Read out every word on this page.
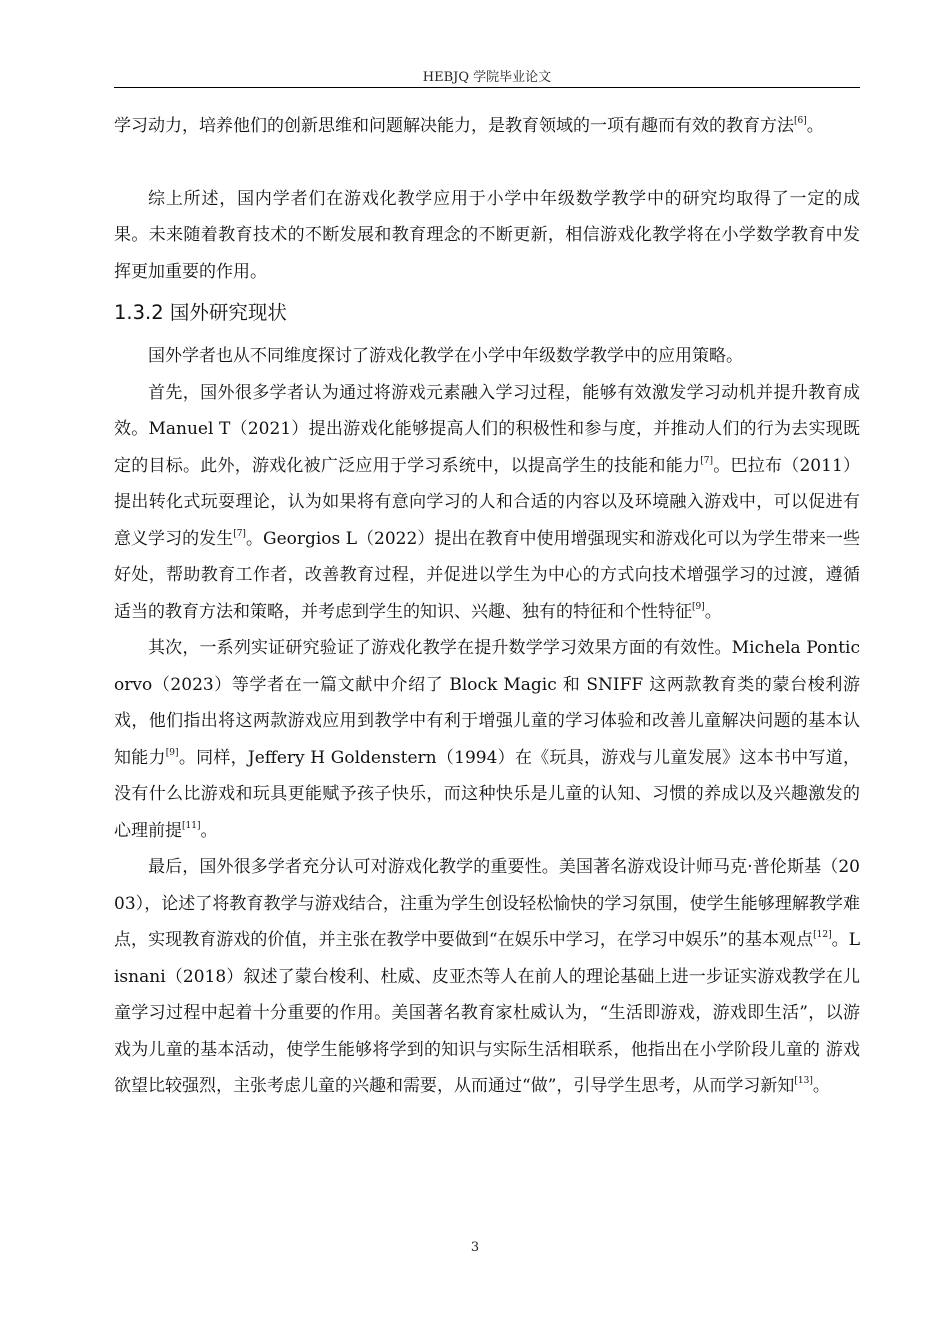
HEBJQ 学院毕业论文

学习动力，培养他们的创新思维和问题解决能力，是教育领域的一项有趣而有效的教育方法[6]。

综上所述，国内学者们在游戏化教学应用于小学中年级数学教学中的研究均取得了一定的成果。未来随着教育技术的不断发展和教育理念的不断更新，相信游戏化教学将在小学数学教育中发挥更加重要的作用。

1.3.2 国外研究现状

国外学者也从不同维度探讨了游戏化教学在小学中年级数学教学中的应用策略。

首先，国外很多学者认为通过将游戏元素融入学习过程，能够有效激发学习动机并提升教育成效。Manuel T（2021）提出游戏化能够提高人们的积极性和参与度，并推动人们的行为去实现既定的目标。此外，游戏化被广泛应用于学习系统中，以提高学生的技能和能力[7]。巴拉布（2011）提出转化式玩耍理论，认为如果将有意向学习的人和合适的内容以及环境融入游戏中，可以促进有意义学习的发生[7]。Georgios L（2022）提出在教育中使用增强现实和游戏化可以为学生带来一些好处，帮助教育工作者，改善教育过程，并促进以学生为中心的方式向技术增强学习的过渡，遵循适当的教育方法和策略，并考虑到学生的知识、兴趣、独有的特征和个性特征[9]。

其次，一系列实证研究验证了游戏化教学在提升数学学习效果方面的有效性。Michela Ponticorvo（2023）等学者在一篇文献中介绍了 Block Magic 和 SNIFF 这两款教育类的蒙台梭利游戏，他们指出将这两款游戏应用到教学中有利于增强儿童的学习体验和改善儿童解决问题的基本认知能力[9]。同样，Jeffery H Goldenstern（1994）在《玩具，游戏与儿童发展》这本书中写道，没有什么比游戏和玩具更能赋予孩子快乐，而这种快乐是儿童的认知、习惯的养成以及兴趣激发的心理前提[11]。

最后，国外很多学者充分认可对游戏化教学的重要性。美国著名游戏设计师马克·普伦斯基（2003），论述了将教育教学与游戏结合，注重为学生创设轻松愉快的学习氛围，使学生能够理解教学难点，实现教育游戏的价值，并主张在教学中要做到“在娱乐中学习，在学习中娱乐”的基本观点[12]。Lisnani（2018）叙述了蒙台梭利、杜威、皮亚杰等人在前人的理论基础上进一步证实游戏教学在儿童学习过程中起着十分重要的作用。美国著名教育家杜威认为，“生活即游戏，游戏即生活”，以游戏为儿童的基本活动，使学生能够将学到的知识与实际生活相联系，他指出在小学阶段儿童的 游戏欲望比较强烈，主张考虑儿童的兴趣和需要，从而通过“做”，引导学生思考，从而学习新知[13]。

3
